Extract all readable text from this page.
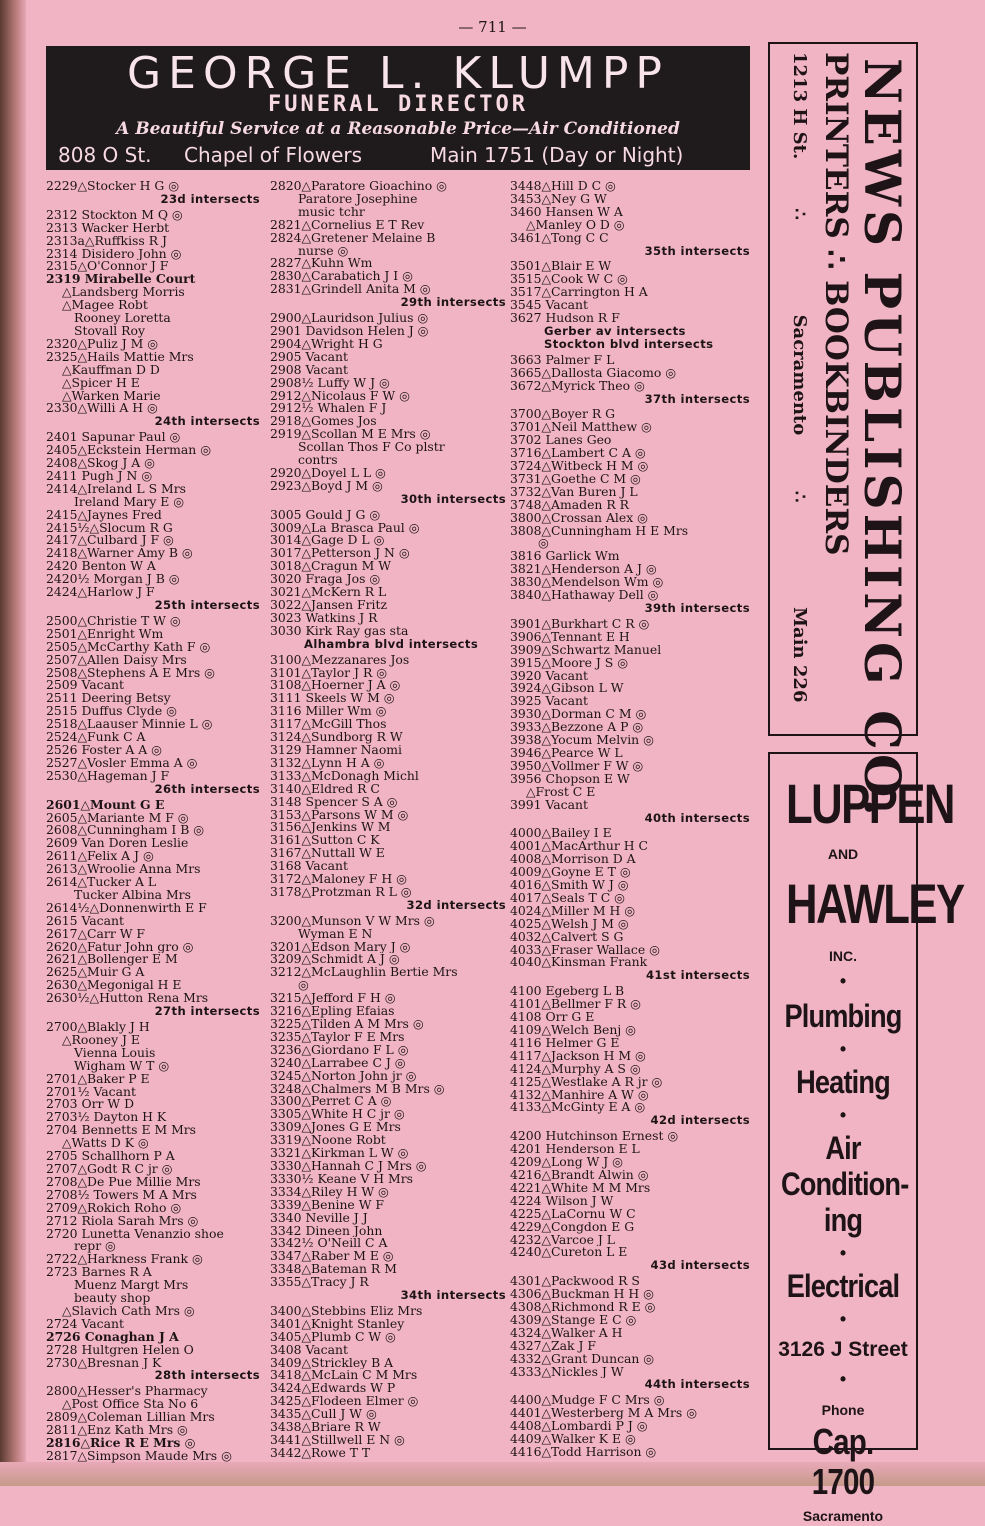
— 711 —
GEORGE L. KLUMPP
FUNERAL DIRECTOR
A Beautiful Service at a Reasonable Price—Air Conditioned
808 O St. Chapel of Flowers	Main 1751 (Day or Night)
2229△Stocker H G ◎
23d intersects
2312 Stockton M Q ◎
2313 Wacker Herbt
2313a△Ruffkiss R J
2314 Disidero John ◎
2315△O'Connor J F
2319 Mirabelle Court
△Landsberg Morris
△Magee Robt
Rooney Loretta
Stovall Roy
2320△Puliz J M ◎
2325△Hails Mattie Mrs
△Kauffman D D
△Spicer H E
△Warken Marie
2330△Willi A H ◎
24th intersects
2401 Sapunar Paul ◎
2405△Eckstein Herman ◎
2408△Skog J A ◎
2411 Pugh J N ◎
2414△Ireland L S Mrs
Ireland Mary E ◎
2415△Jaynes Fred
2415½△Slocum R G
2417△Culbard J F ◎
2418△Warner Amy B ◎
2420 Benton W A
2420½ Morgan J B ◎
2424△Harlow J F
25th intersects
2500△Christie T W ◎
2501△Enright Wm
2505△McCarthy Kath F ◎
2507△Allen Daisy Mrs
2508△Stephens A E Mrs ◎
2509 Vacant
2511 Deering Betsy
2515 Duffus Clyde ◎
2518△Laauser Minnie L ◎
2524△Funk C A
2526 Foster A A ◎
2527△Vosler Emma A ◎
2530△Hageman J F
26th intersects
2601△Mount G E
2605△Mariante M F ◎
2608△Cunningham I B ◎
2609 Van Doren Leslie
2611△Felix A J ◎
2613△Wroolie Anna Mrs
2614△Tucker A L
Tucker Albina Mrs
2614½△Donnenwirth E F
2615 Vacant
2617△Carr W F
2620△Fatur John gro ◎
2621△Bollenger E M
2625△Muir G A
2630△Megonigal H E
2630½△Hutton Rena Mrs
27th intersects
2700△Blakly J H
△Rooney J E
Vienna Louis
Wigham W T ◎
2701△Baker P E
2701½ Vacant
2703 Orr W D
2703½ Dayton H K
2704 Bennetts E M Mrs
△Watts D K ◎
2705 Schallhorn P A
2707△Godt R C jr ◎
2708△De Pue Millie Mrs
2708½ Towers M A Mrs
2709△Rokich Roho ◎
2712 Riola Sarah Mrs ◎
2720 Lunetta Venanzio shoe
repr ◎
2722△Harkness Frank ◎
2723 Barnes R A
Muenz Margt Mrs
beauty shop
△Slavich Cath Mrs ◎
2724 Vacant
2726 Conaghan J A
2728 Hultgren Helen O
2730△Bresnan J K
28th intersects
2800△Hesser's Pharmacy
△Post Office Sta No 6
2809△Coleman Lillian Mrs
2811△Enz Kath Mrs ◎
2816△Rice R E Mrs ◎
2817△Simpson Maude Mrs ◎
2820△Paratore Gioachino ◎
Paratore Josephine
music tchr
2821△Cornelius E T Rev
2824△Gretener Melaine B
nurse ◎
2827△Kuhn Wm
2830△Carabatich J I ◎
2831△Grindell Anita M ◎
29th intersects
2900△Lauridson Julius ◎
2901 Davidson Helen J ◎
2904△Wright H G
2905 Vacant
2908 Vacant
2908½ Luffy W J ◎
2912△Nicolaus F W ◎
2912½ Whalen F J
2918△Gomes Jos
2919△Scollan M E Mrs ◎
Scollan Thos F Co plstr
contrs
2920△Doyel L L ◎
2923△Boyd J M ◎
30th intersects
3005 Gould J G ◎
3009△La Brasca Paul ◎
3014△Gage D L ◎
3017△Petterson J N ◎
3018△Cragun M W
3020 Fraga Jos ◎
3021△McKern R L
3022△Jansen Fritz
3023 Watkins J R
3030 Kirk Ray gas sta
Alhambra blvd intersects
3100△Mezzanares Jos
3101△Taylor J R ◎
3108△Hoerner J A ◎
3111 Skeels W M ◎
3116 Miller Wm ◎
3117△McGill Thos
3124△Sundborg R W
3129 Hamner Naomi
3132△Lynn H A ◎
3133△McDonagh Michl
3140△Eldred R C
3148 Spencer S A ◎
3153△Parsons W M ◎
3156△Jenkins W M
3161△Sutton C K
3167△Nuttall W E
3168 Vacant
3172△Maloney F H ◎
3178△Protzman R L ◎
32d intersects
3200△Munson V W Mrs ◎
Wyman E N
3201△Edson Mary J ◎
3209△Schmidt A J ◎
3212△McLaughlin Bertie Mrs
◎
3215△Jefford F H ◎
3216△Epling Efaias
3225△Tilden A M Mrs ◎
3235△Taylor F E Mrs
3236△Giordano F L ◎
3240△Larrabee C J ◎
3245△Norton John jr ◎
3248△Chalmers M B Mrs ◎
3300△Perret C A ◎
3305△White H C jr ◎
3309△Jones G E Mrs
3319△Noone Robt
3321△Kirkman L W ◎
3330△Hannah C J Mrs ◎
3330½ Keane V H Mrs
3334△Riley H W ◎
3339△Benine W F
3340 Neville J J
3342 Dineen John
3342½ O'Neill C A
3347△Raber M E ◎
3348△Bateman R M
3355△Tracy J R
34th intersects
3400△Stebbins Eliz Mrs
3401△Knight Stanley
3405△Plumb C W ◎
3408 Vacant
3409△Strickley B A
3418△McLain C M Mrs
3424△Edwards W P
3425△Flodeen Elmer ◎
3435△Cull J W ◎
3438△Briare R W
3441△Stillwell E N ◎
3442△Rowe T T
3448△Hill D C ◎
3453△Ney G W
3460 Hansen W A
△Manley O D ◎
3461△Tong C C
35th intersects
3501△Blair E W
3515△Cook W C ◎
3517△Carrington H A
3545 Vacant
3627 Hudson R F
Gerber av intersects
Stockton blvd intersects
3663 Palmer F L
3665△Dallosta Giacomo ◎
3672△Myrick Theo ◎
37th intersects
3700△Boyer R G
3701△Neil Matthew ◎
3702 Lanes Geo
3716△Lambert C A ◎
3724△Witbeck H M ◎
3731△Goethe C M ◎
3732△Van Buren J L
3748△Amaden R R
3800△Crossan Alex ◎
3808△Cunningham H E Mrs
◎
3816 Garlick Wm
3821△Henderson A J ◎
3830△Mendelson Wm ◎
3840△Hathaway Dell ◎
39th intersects
3901△Burkhart C R ◎
3906△Tennant E H
3909△Schwartz Manuel
3915△Moore J S ◎
3920 Vacant
3924△Gibson L W
3925 Vacant
3930△Dorman C M ◎
3933△Bezzone A P ◎
3938△Yocum Melvin ◎
3946△Pearce W L
3950△Vollmer F W ◎
3956 Chopson E W
△Frost C E
3991 Vacant
40th intersects
4000△Bailey I E
4001△MacArthur H C
4008△Morrison D A
4009△Goyne E T ◎
4016△Smith W J ◎
4017△Seals T C ◎
4024△Miller M H ◎
4025△Welsh J M ◎
4032△Calvert S G
4033△Fraser Wallace ◎
4040△Kinsman Frank
41st intersects
4100 Egeberg L B
4101△Bellmer F R ◎
4108 Orr G E
4109△Welch Benj ◎
4116 Helmer G E
4117△Jackson H M ◎
4124△Murphy A S ◎
4125△Westlake A R jr ◎
4132△Manhire A W ◎
4133△McGinty E A ◎
42d intersects
4200 Hutchinson Ernest ◎
4201 Henderson E L
4209△Long W J ◎
4216△Brandt Alwin ◎
4221△White M M Mrs
4224 Wilson J W
4225△LaCornu W C
4229△Congdon E G
4232△Varcoe J L
4240△Cureton L E
43d intersects
4301△Packwood R S
4306△Buckman H H ◎
4308△Richmond R E ◎
4309△Stange E C ◎
4324△Walker A H
4327△Zak J F
4332△Grant Duncan ◎
4333△Nickles J W
44th intersects
4400△Mudge F C Mrs ◎
4401△Westerberg M A Mrs ◎
4408△Lombardi P J ◎
4409△Walker K E ◎
4416△Todd Harrison ◎
NEWS PUBLISHING CO.
PRINTERS ∴ BOOKBINDERS
1213 H St. ∴ Sacramento ∴ Main 226
LUPPEN
AND
HAWLEY
INC.
•
Plumbing
•
Heating
•
Air
Condition-
ing
•
Electrical
•
3126 J Street
•
Phone
Cap. 1700
Sacramento
